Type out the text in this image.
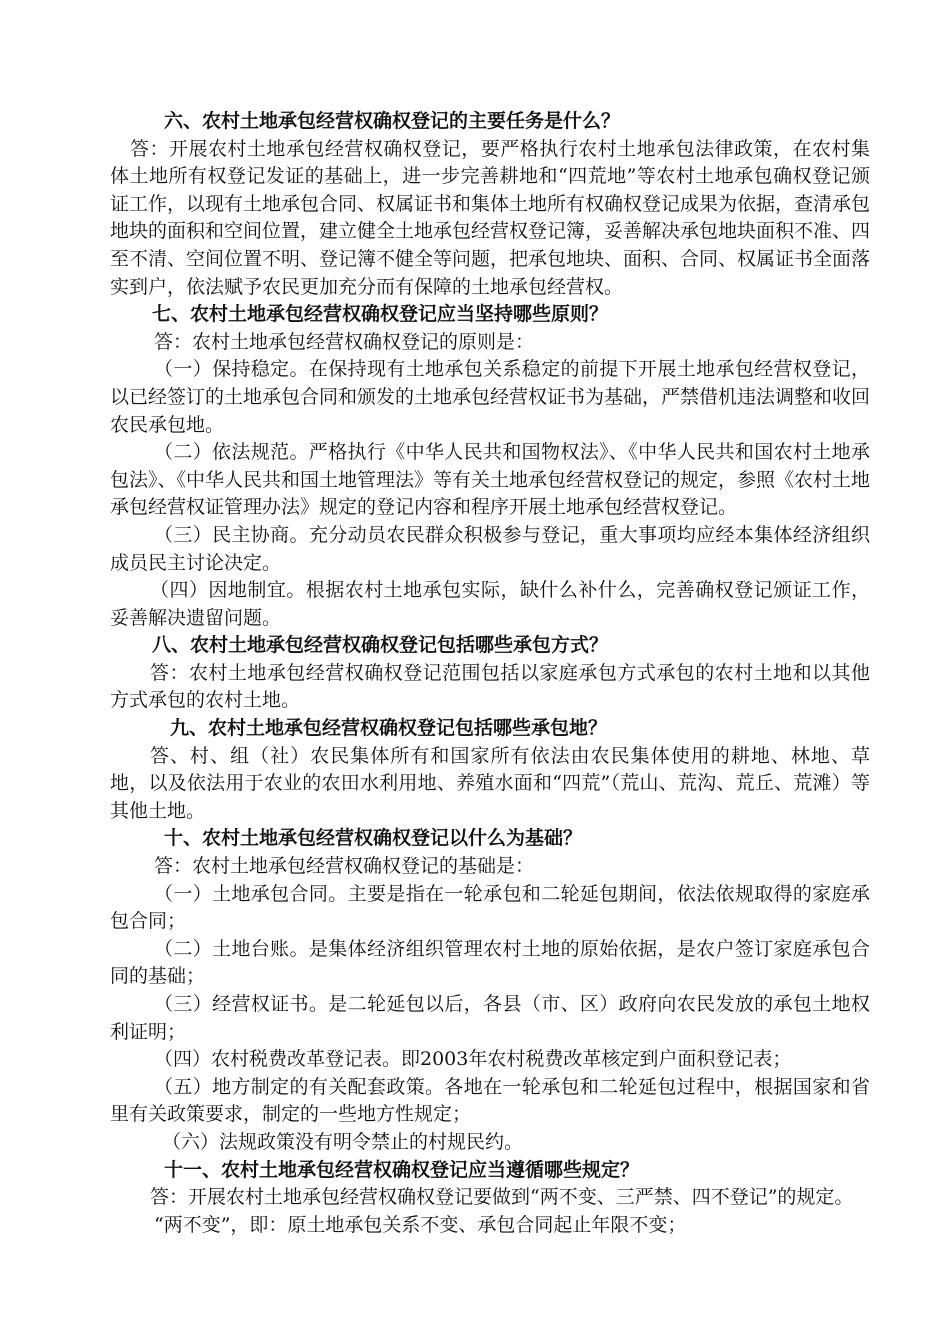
六、农村土地承包经营权确权登记的主要任务是什么？

答：开展农村土地承包经营权确权登记，要严格执行农村土地承包法律政策，在农村集体土地所有权登记发证的基础上，进一步完善耕地和“四荒地”等农村土地承包确权登记颁证工作，以现有土地承包合同、权属证书和集体土地所有权确权登记成果为依据，查清承包地块的面积和空间位置，建立健全土地承包经营权登记簿，妥善解决承包地块面积不准、四至不清、空间位置不明、登记簿不健全等问题，把承包地块、面积、合同、权属证书全面落实到户，依法赋予农民更加充分而有保障的土地承包经营权。

七、农村土地承包经营权确权登记应当坚持哪些原则？

答：农村土地承包经营权确权登记的原则是：

（一）保持稳定。在保持现有土地承包关系稳定的前提下开展土地承包经营权登记，以已经签订的土地承包合同和颁发的土地承包经营权证书为基础，严禁借机违法调整和收回农民承包地。

（二）依法规范。严格执行《中华人民共和国物权法》、《中华人民共和国农村土地承包法》、《中华人民共和国土地管理法》等有关土地承包经营权登记的规定，参照《农村土地承包经营权证管理办法》规定的登记内容和程序开展土地承包经营权登记。

（三）民主协商。充分动员农民群众积极参与登记，重大事项均应经本集体经济组织成员民主讨论决定。

（四）因地制宜。根据农村土地承包实际，缺什么补什么，完善确权登记颁证工作，妥善解决遗留问题。

八、农村土地承包经营权确权登记包括哪些承包方式？

答：农村土地承包经营权确权登记范围包括以家庭承包方式承包的农村土地和以其他方式承包的农村土地。

九、农村土地承包经营权确权登记包括哪些承包地？

答、村、组（社）农民集体所有和国家所有依法由农民集体使用的耕地、林地、草地，以及依法用于农业的农田水利用地、养殖水面和“四荒”（荒山、荒沟、荒丘、荒滩）等其他土地。

十、农村土地承包经营权确权登记以什么为基础？

答：农村土地承包经营权确权登记的基础是：

（一）土地承包合同。主要是指在一轮承包和二轮延包期间，依法依规取得的家庭承包合同；

（二）土地台账。是集体经济组织管理农村土地的原始依据，是农户签订家庭承包合同的基础；

（三）经营权证书。是二轮延包以后，各县（市、区）政府向农民发放的承包土地权利证明；

（四）农村税费改革登记表。即2003年农村税费改革核定到户面积登记表；

（五）地方制定的有关配套政策。各地在一轮承包和二轮延包过程中，根据国家和省里有关政策要求，制定的一些地方性规定；

（六）法规政策没有明令禁止的村规民约。

十一、农村土地承包经营权确权登记应当遵循哪些规定？

答：开展农村土地承包经营权确权登记要做到“两不变、三严禁、四不登记”的规定。

“两不变”，即：原土地承包关系不变、承包合同起止年限不变；
